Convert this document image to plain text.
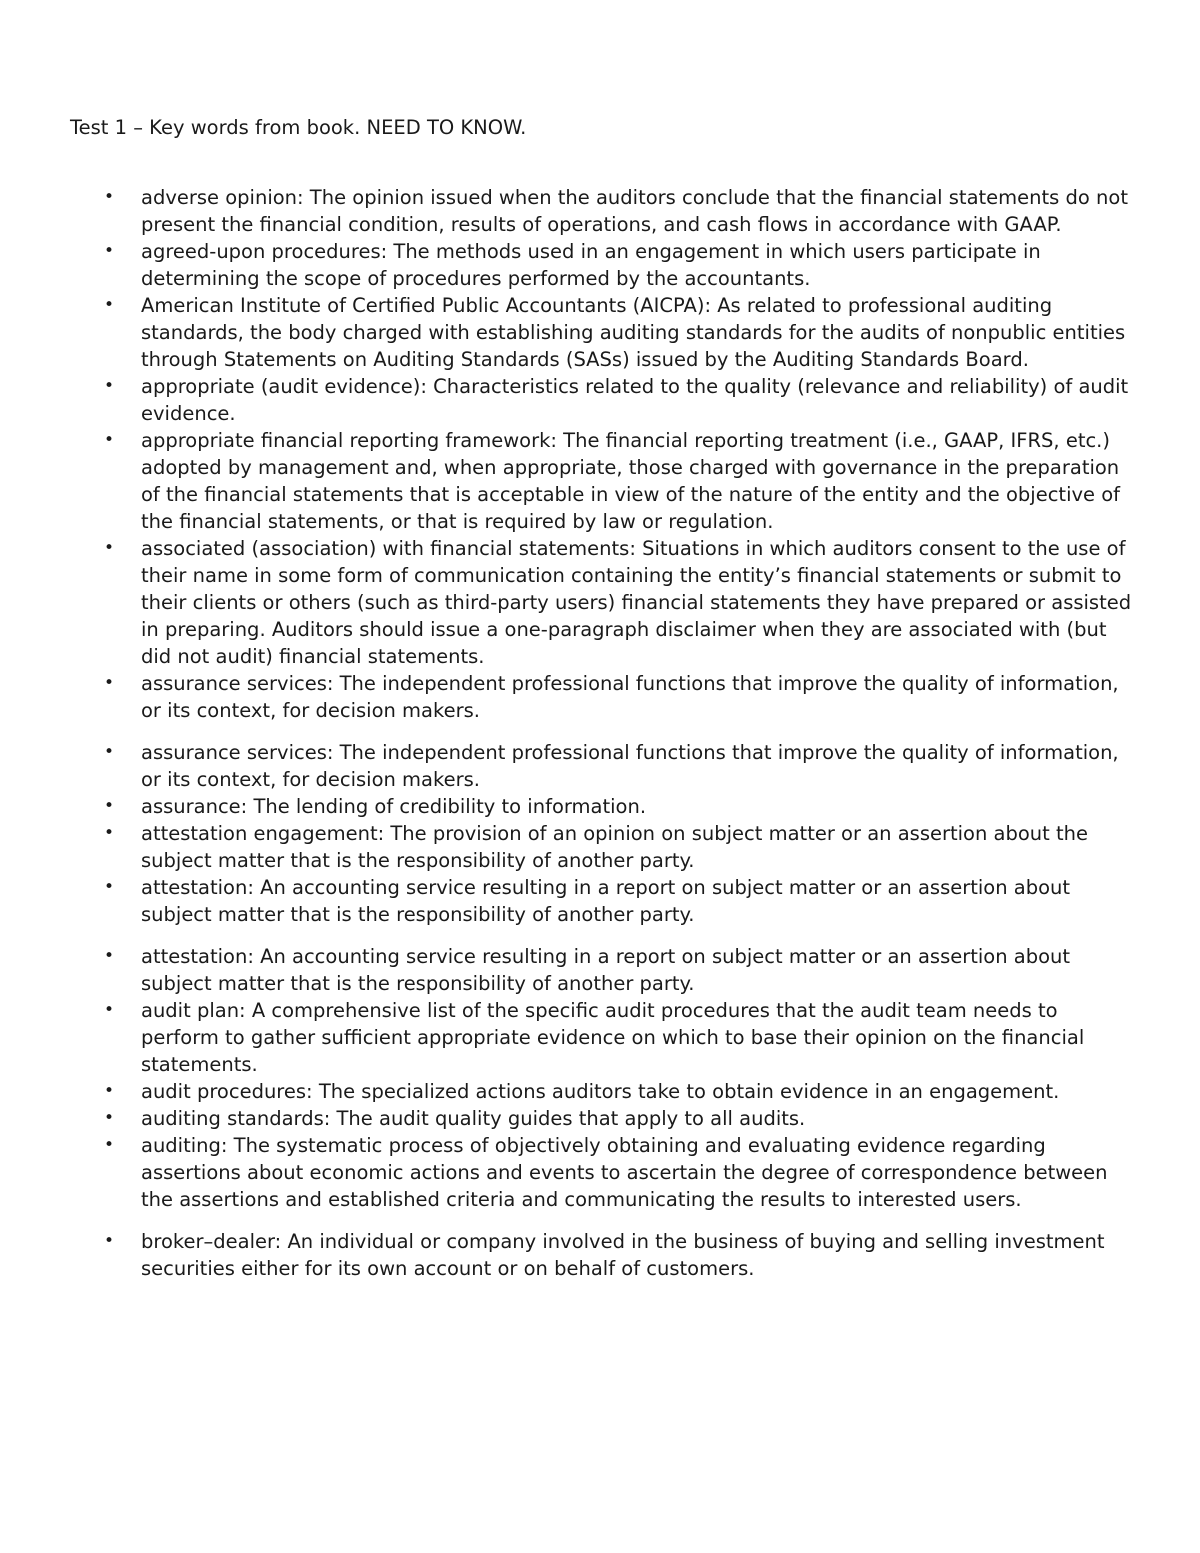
Test 1 – Key words from book. NEED TO KNOW.

• adverse opinion: The opinion issued when the auditors conclude that the financial statements do not present the financial condition, results of operations, and cash flows in accordance with GAAP.
• agreed-upon procedures: The methods used in an engagement in which users participate in determining the scope of procedures performed by the accountants.
• American Institute of Certified Public Accountants (AICPA): As related to professional auditing standards, the body charged with establishing auditing standards for the audits of nonpublic entities through Statements on Auditing Standards (SASs) issued by the Auditing Standards Board.
• appropriate (audit evidence): Characteristics related to the quality (relevance and reliability) of audit evidence.
• appropriate financial reporting framework: The financial reporting treatment (i.e., GAAP, IFRS, etc.) adopted by management and, when appropriate, those charged with governance in the preparation of the financial statements that is acceptable in view of the nature of the entity and the objective of the financial statements, or that is required by law or regulation.
• associated (association) with financial statements: Situations in which auditors consent to the use of their name in some form of communication containing the entity’s financial statements or submit to their clients or others (such as third-party users) financial statements they have prepared or assisted in preparing. Auditors should issue a one-paragraph disclaimer when they are associated with (but did not audit) financial statements.
• assurance services: The independent professional functions that improve the quality of information, or its context, for decision makers.
• assurance services: The independent professional functions that improve the quality of information, or its context, for decision makers.
• assurance: The lending of credibility to information.
• attestation engagement: The provision of an opinion on subject matter or an assertion about the subject matter that is the responsibility of another party.
• attestation: An accounting service resulting in a report on subject matter or an assertion about subject matter that is the responsibility of another party.
• attestation: An accounting service resulting in a report on subject matter or an assertion about subject matter that is the responsibility of another party.
• audit plan: A comprehensive list of the specific audit procedures that the audit team needs to perform to gather sufficient appropriate evidence on which to base their opinion on the financial statements.
• audit procedures: The specialized actions auditors take to obtain evidence in an engagement.
• auditing standards: The audit quality guides that apply to all audits.
• auditing: The systematic process of objectively obtaining and evaluating evidence regarding assertions about economic actions and events to ascertain the degree of correspondence between the assertions and established criteria and communicating the results to interested users.
• broker–dealer: An individual or company involved in the business of buying and selling investment securities either for its own account or on behalf of customers.
